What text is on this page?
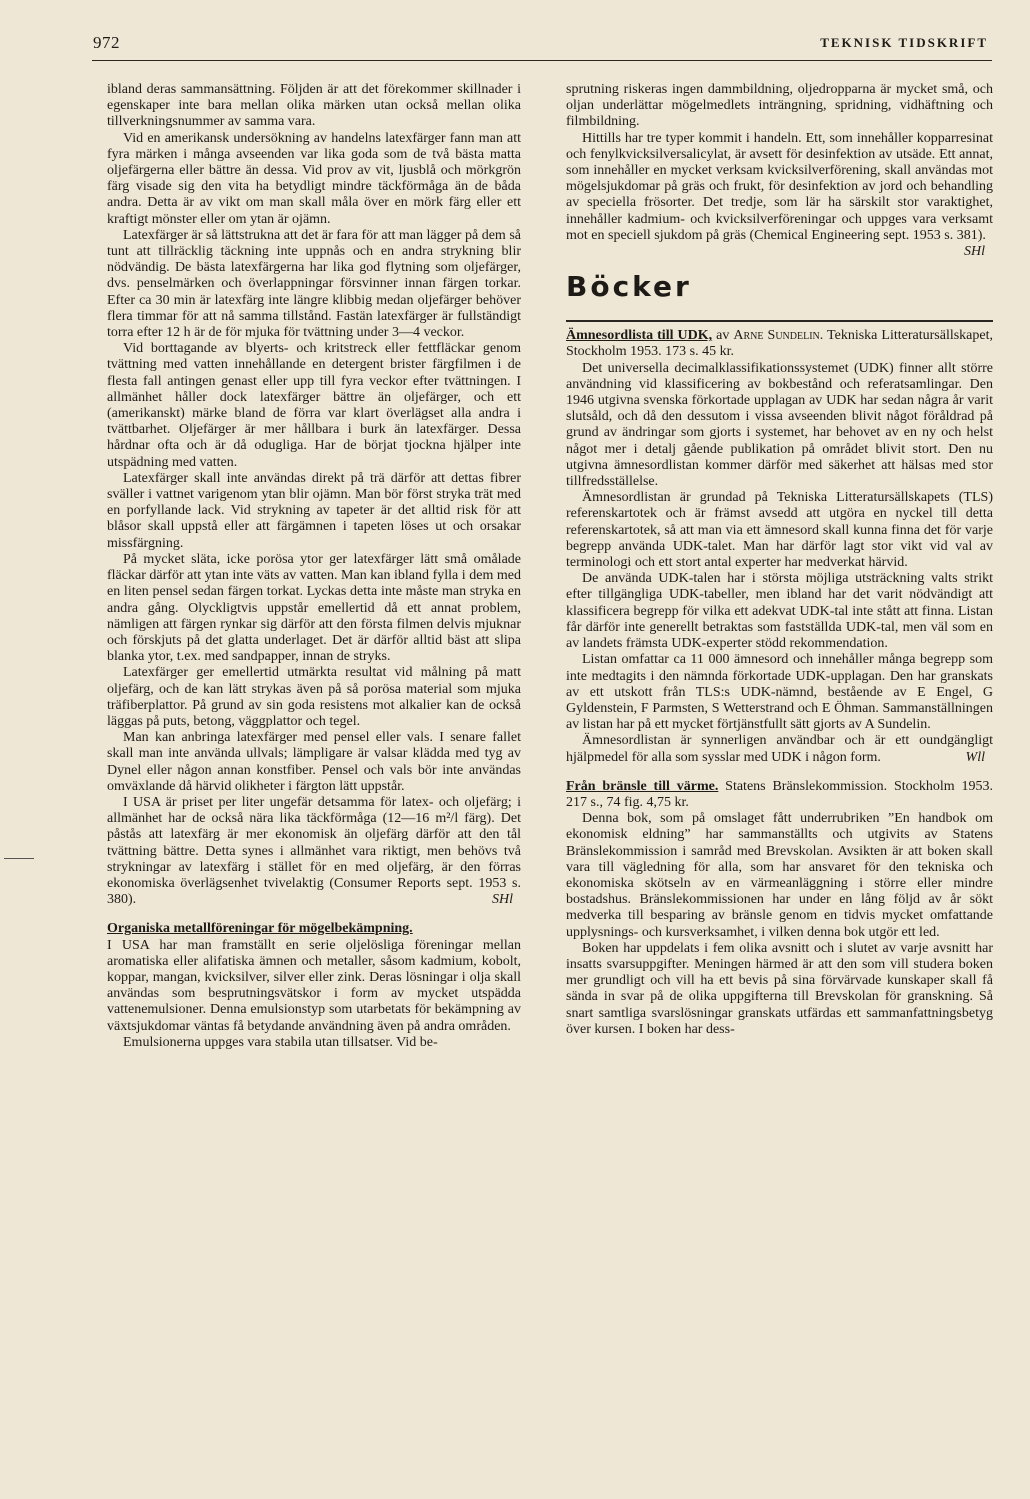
972	TEKNISK TIDSKRIFT

ibland deras sammansättning. Följden är att det förekommer skillnader i egenskaper inte bara mellan olika märken utan också mellan olika tillverkningsnummer av samma vara.

Vid en amerikansk undersökning av handelns latexfärger fann man att fyra märken i många avseenden var lika goda som de två bästa matta oljefärgerna eller bättre än dessa. Vid prov av vit, ljusblå och mörkgrön färg visade sig den vita ha betydligt mindre täckförmåga än de båda andra. Detta är av vikt om man skall måla över en mörk färg eller ett kraftigt mönster eller om ytan är ojämn.

Latexfärger är så lättstrukna att det är fara för att man lägger på dem så tunt att tillräcklig täckning inte uppnås och en andra strykning blir nödvändig. De bästa latexfärgerna har lika god flytning som oljefärger, dvs. penselmärken och överlappningar försvinner innan färgen torkar. Efter ca 30 min är latexfärg inte längre klibbig medan oljefärger behöver flera timmar för att nå samma tillstånd. Fastän latexfärger är fullständigt torra efter 12 h är de för mjuka för tvättning under 3—4 veckor.

Vid borttagande av blyerts- och kritstreck eller fettfläckar genom tvättning med vatten innehållande en detergent brister färgfilmen i de flesta fall antingen genast eller upp till fyra veckor efter tvättningen. I allmänhet håller dock latexfärger bättre än oljefärger, och ett (amerikanskt) märke bland de förra var klart överlägset alla andra i tvättbarhet. Oljefärger är mer hållbara i burk än latexfärger. Dessa hårdnar ofta och är då odugliga. Har de börjat tjockna hjälper inte utspädning med vatten.

Latexfärger skall inte användas direkt på trä därför att dettas fibrer sväller i vattnet varigenom ytan blir ojämn. Man bör först stryka trät med en porfyllande lack. Vid strykning av tapeter är det alltid risk för att blåsor skall uppstå eller att färgämnen i tapeten löses ut och orsakar missfärgning.

På mycket släta, icke porösa ytor ger latexfärger lätt små omålade fläckar därför att ytan inte väts av vatten. Man kan ibland fylla i dem med en liten pensel sedan färgen torkat. Lyckas detta inte måste man stryka en andra gång. Olyckligtvis uppstår emellertid då ett annat problem, nämligen att färgen rynkar sig därför att den första filmen delvis mjuknar och förskjuts på det glatta underlaget. Det är därför alltid bäst att slipa blanka ytor, t.ex. med sandpapper, innan de stryks.

Latexfärger ger emellertid utmärkta resultat vid målning på matt oljefärg, och de kan lätt strykas även på så porösa material som mjuka träfiberplattor. På grund av sin goda resistens mot alkalier kan de också läggas på puts, betong, väggplattor och tegel.

Man kan anbringa latexfärger med pensel eller vals. I senare fallet skall man inte använda ullvals; lämpligare är valsar klädda med tyg av Dynel eller någon annan konstfiber. Pensel och vals bör inte användas omväxlande då härvid olikheter i färgton lätt uppstår.

I USA är priset per liter ungefär detsamma för latex- och oljefärg; i allmänhet har de också nära lika täckförmåga (12—16 m²/l färg). Det påstås att latexfärg är mer ekonomisk än oljefärg därför att den tål tvättning bättre. Detta synes i allmänhet vara riktigt, men behövs två strykningar av latexfärg i stället för en med oljefärg, är den förras ekonomiska överlägsenhet tvivelaktig (Consumer Reports sept. 1953 s. 380).	SHl

Organiska metallföreningar för mögelbekämpning.

I USA har man framställt en serie oljelösliga föreningar mellan aromatiska eller alifatiska ämnen och metaller, såsom kadmium, kobolt, koppar, mangan, kvicksilver, silver eller zink. Deras lösningar i olja skall användas som besprutningsvätskor i form av mycket utspädda vattenemulsioner. Denna emulsionstyp som utarbetats för bekämpning av växtsjukdomar väntas få betydande användning även på andra områden.

Emulsionerna uppges vara stabila utan tillsatser. Vid be-

sprutning riskeras ingen dammbildning, oljedropparna är mycket små, och oljan underlättar mögelmedlets inträngning, spridning, vidhäftning och filmbildning.

Hittills har tre typer kommit i handeln. Ett, som innehåller kopparresinat och fenylkvicksilversalicylat, är avsett för desinfektion av utsäde. Ett annat, som innehåller en mycket verksam kvicksilverförening, skall användas mot mögelsjukdomar på gräs och frukt, för desinfektion av jord och behandling av speciella frösorter. Det tredje, som lär ha särskilt stor varaktighet, innehåller kadmium- och kvicksilverföreningar och uppges vara verksamt mot en speciell sjukdom på gräs (Chemical Engineering sept. 1953 s. 381).
SHl

Böcker

Ämnesordlista till UDK, av Arne Sundelin. Tekniska Litteratursällskapet, Stockholm 1953. 173 s. 45 kr.

Det universella decimalklassifikationssystemet (UDK) finner allt större användning vid klassificering av bokbestånd och referatsamlingar. Den 1946 utgivna svenska förkortade upplagan av UDK har sedan några år varit slutsåld, och då den dessutom i vissa avseenden blivit något föråldrad på grund av ändringar som gjorts i systemet, har behovet av en ny och helst något mer i detalj gående publikation på området blivit stort. Den nu utgivna ämnesordlistan kommer därför med säkerhet att hälsas med stor tillfredsställelse.

Ämnesordlistan är grundad på Tekniska Litteratursällskapets (TLS) referenskartotek och är främst avsedd att utgöra en nyckel till detta referenskartotek, så att man via ett ämnesord skall kunna finna det för varje begrepp använda UDK-talet. Man har därför lagt stor vikt vid val av terminologi och ett stort antal experter har medverkat härvid.

De använda UDK-talen har i största möjliga utsträckning valts strikt efter tillgängliga UDK-tabeller, men ibland har det varit nödvändigt att klassificera begrepp för vilka ett adekvat UDK-tal inte stått att finna. Listan får därför inte generellt betraktas som fastställda UDK-tal, men väl som en av landets främsta UDK-experter stödd rekommendation.

Listan omfattar ca 11 000 ämnesord och innehåller många begrepp som inte medtagits i den nämnda förkortade UDK-upplagan. Den har granskats av ett utskott från TLS:s UDK-nämnd, bestående av E Engel, G Gyldenstein, F Parmsten, S Wetterstrand och E Öhman. Sammanställningen av listan har på ett mycket förtjänstfullt sätt gjorts av A Sundelin.

Ämnesordlistan är synnerligen användbar och är ett oundgängligt hjälpmedel för alla som sysslar med UDK i någon form.	Wll

Från bränsle till värme. Statens Bränslekommission. Stockholm 1953. 217 s., 74 fig. 4,75 kr.

Denna bok, som på omslaget fått underrubriken ”En handbok om ekonomisk eldning” har sammanställts och utgivits av Statens Bränslekommission i samråd med Brevskolan. Avsikten är att boken skall vara till vägledning för alla, som har ansvaret för den tekniska och ekonomiska skötseln av en värmeanläggning i större eller mindre bostadshus. Bränslekommissionen har under en lång följd av år sökt medverka till besparing av bränsle genom en tidvis mycket omfattande upplysnings- och kursverksamhet, i vilken denna bok utgör ett led.

Boken har uppdelats i fem olika avsnitt och i slutet av varje avsnitt har insatts svarsuppgifter. Meningen härmed är att den som vill studera boken mer grundligt och vill ha ett bevis på sina förvärvade kunskaper skall få sända in svar på de olika uppgifterna till Brevskolan för granskning. Så snart samtliga svarslösningar granskats utfärdas ett sammanfattningsbetyg över kursen. I boken har dess-
